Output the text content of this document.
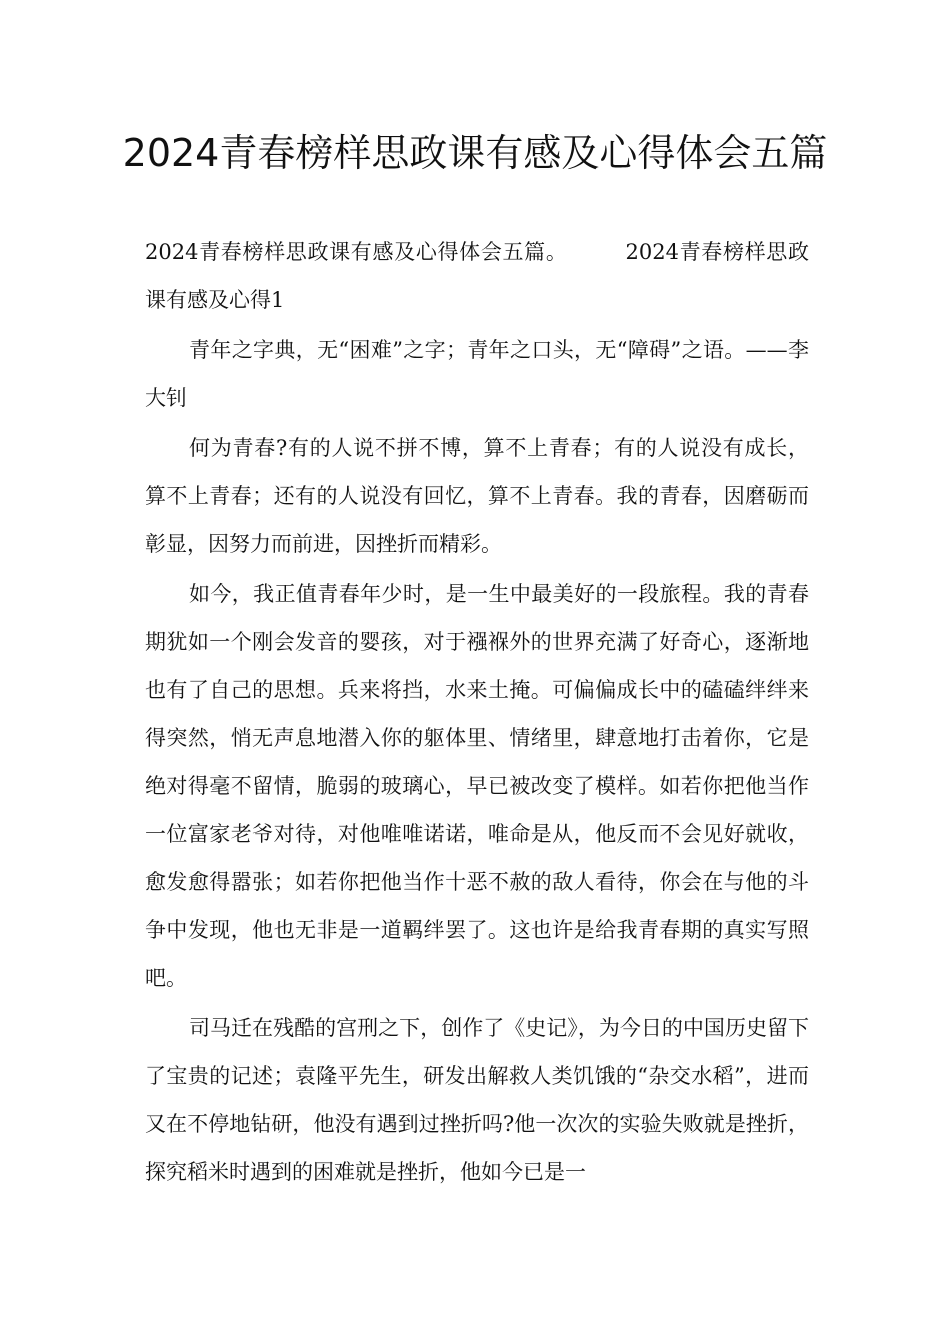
2024青春榜样思政课有感及心得体会五篇

2024青春榜样思政课有感及心得体会五篇。	2024青春榜样思政课有感及心得1

青年之字典，无“困难”之字；青年之口头，无“障碍”之语。——李大钊

何为青春?有的人说不拼不博，算不上青春；有的人说没有成长，算不上青春；还有的人说没有回忆，算不上青春。我的青春，因磨砺而彰显，因努力而前进，因挫折而精彩。

如今，我正值青春年少时，是一生中最美好的一段旅程。我的青春期犹如一个刚会发音的婴孩，对于襁褓外的世界充满了好奇心，逐渐地也有了自己的思想。兵来将挡，水来土掩。可偏偏成长中的磕磕绊绊来得突然，悄无声息地潜入你的躯体里、情绪里，肆意地打击着你，它是绝对得毫不留情，脆弱的玻璃心，早已被改变了模样。如若你把他当作一位富家老爷对待，对他唯唯诺诺，唯命是从，他反而不会见好就收，愈发愈得嚣张；如若你把他当作十恶不赦的敌人看待，你会在与他的斗争中发现，他也无非是一道羁绊罢了。这也许是给我青春期的真实写照吧。

司马迁在残酷的宫刑之下，创作了《史记》，为今日的中国历史留下了宝贵的记述；袁隆平先生，研发出解救人类饥饿的“杂交水稻”，进而又在不停地钻研，他没有遇到过挫折吗?他一次次的实验失败就是挫折，探究稻米时遇到的困难就是挫折，他如今已是一
